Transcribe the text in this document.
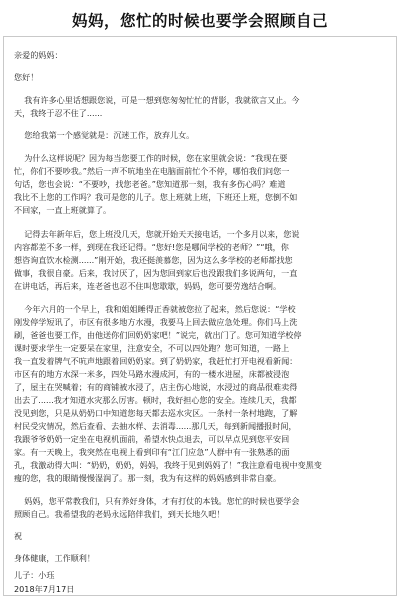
妈妈，您忙的时候也要学会照顾自己

亲爱的妈妈：

您好！

我有许多心里话想跟您说，可是一想到您匆匆忙忙的背影，我就欲言又止。今

天，我终于忍不住了......

您给我第一个感觉就是：沉迷工作，放弃儿女。

为什么这样说呢？因为每当您要工作的时候，您在家里就会说：“我现在要

忙，你们不要吵我。”然后一声不吭地坐在电脑面前忙个不停，哪怕我们问您一

句话，您也会说：“不要吵，找您老爸。”您知道那一刻，我有多伤心吗？难道

我比不上您的工作吗？我可是您的儿子。您上班就上班，下班还上班，您倒不如

不回家，一直上班就算了。

记得去年新年后，您上班没几天，您就开始天天接电话，一个多月以来，您说

内容都差不多一样，到现在我还记得。“您好!您是哪间学校的老师？”“哦，你

想咨询直饮水检测......”刚开始，我还挺羡慕您，因为这么多学校的老师都找您

做事，我很自豪。后来，我讨厌了，因为您回到家后也没跟我们多说两句，一直

在讲电话，再后来，连老爸也忍不住叫您歇歇，妈妈，您可要劳逸结合啊。

今年六月的一个早上，我和姐姐睡得正香就被您拉了起来，然后您说：“学校

刚发停学短讯了，市区有很多地方水漫，我要马上回去做应急处理。你们马上洗

刷，爸爸也要工作，由他送你们回奶奶家吧！”说完，就出门了。您可知道学校停

课时要求学生一定要呆在家里，注意安全，不可以四处跑？您可知道，一路上

我一直发着牌气不吭声地跟着回奶奶家。到了奶奶家，我赶忙打开电视看新闻：

市区有的地方水深一米多，四处马路水漫成河，有的一楼水进屋，床都被浸泡

了，屋主在哭喊着；有的商铺被水浸了，店主伤心地说，水浸过的商品很难卖得

出去了......我才知道水灾那么厉害。顿时，我好担心您的安全。连续几天，我都

没见到您，只是从奶奶口中知道您每天都去巡水灾区。一条村一条村地跑，了解

村民受灾情况，然后查看、去抽水样、去消毒......那几天，每到新闻播报时间，

我跟爷爷奶奶一定坐在电视机面前，希望水快点退去，可以早点见到您平安回

家。有一天晚上，我突然在电视上看到印有“江门应急”人群中有一张熟悉的面

孔，我激动得大叫：“奶奶，奶奶，妈妈，我终于见到妈妈了！”我注意看电视中变黑变

瘦的您，我的眼睛慢慢湿润了。那一刻，我为有这样的妈妈感到非常自豪。

妈妈，您平常教我们，只有养好身体，才有打仗的本钱。您忙的时候也要学会

照顾自己。我希望我的老妈永远陪伴我们，到天长地久吧！

祝

身体健康，工作顺利！

儿子：小珏

2018年7月17日
